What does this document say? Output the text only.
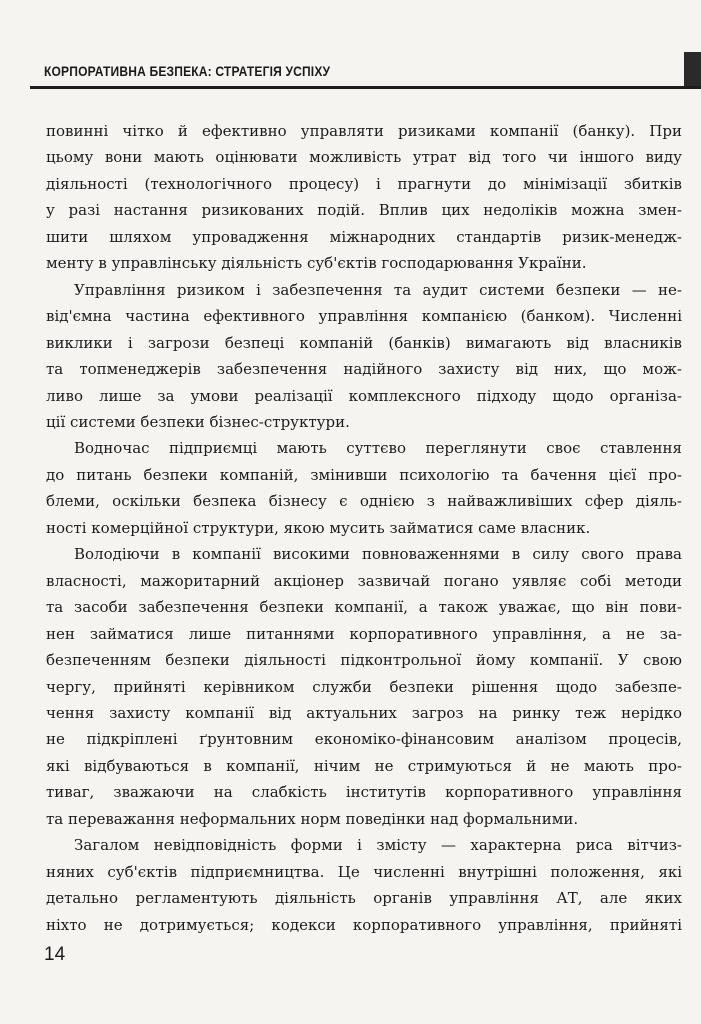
КОРПОРАТИВНА БЕЗПЕКА: СТРАТЕГІЯ УСПІХУ
повинні чітко й ефективно управляти ризиками компанії (банку). При
цьому вони мають оцінювати можливість утрат від того чи іншого виду
діяльності (технологічного процесу) і прагнути до мінімізації збитків
у разі настання ризикованих подій. Вплив цих недоліків можна змен-
шити шляхом упровадження міжнародних стандартів ризик-менедж-
менту в управлінську діяльність суб'єктів господарювання України.
Управління ризиком і забезпечення та аудит системи безпеки — не-
від'ємна частина ефективного управління компанією (банком). Численні
виклики і загрози безпеці компаній (банків) вимагають від власників
та топменеджерів забезпечення надійного захисту від них, що мож-
ливо лише за умови реалізації комплексного підходу щодо організа-
ції системи безпеки бізнес-структури.
Водночас підприємці мають суттєво переглянути своє ставлення
до питань безпеки компаній, змінивши психологію та бачення цієї про-
блеми, оскільки безпека бізнесу є однією з найважливіших сфер діяль-
ності комерційної структури, якою мусить займатися саме власник.
Володіючи в компанії високими повноваженнями в силу свого права
власності, мажоритарний акціонер зазвичай погано уявляє собі методи
та засоби забезпечення безпеки компанії, а також уважає, що він пови-
нен займатися лише питаннями корпоративного управління, а не за-
безпеченням безпеки діяльності підконтрольної йому компанії. У свою
чергу, прийняті керівником служби безпеки рішення щодо забезпе-
чення захисту компанії від актуальних загроз на ринку теж нерідко
не підкріплені ґрунтовним економіко-фінансовим аналізом процесів,
які відбуваються в компанії, нічим не стримуються й не мають про-
тиваг, зважаючи на слабкість інститутів корпоративного управління
та переважання неформальних норм поведінки над формальними.
Загалом невідповідність форми і змісту — характерна риса вітчиз-
няних суб'єктів підприємництва. Це численні внутрішні положення, які
детально регламентують діяльність органів управління АТ, але яких
ніхто не дотримується; кодекси корпоративного управління, прийняті
14
